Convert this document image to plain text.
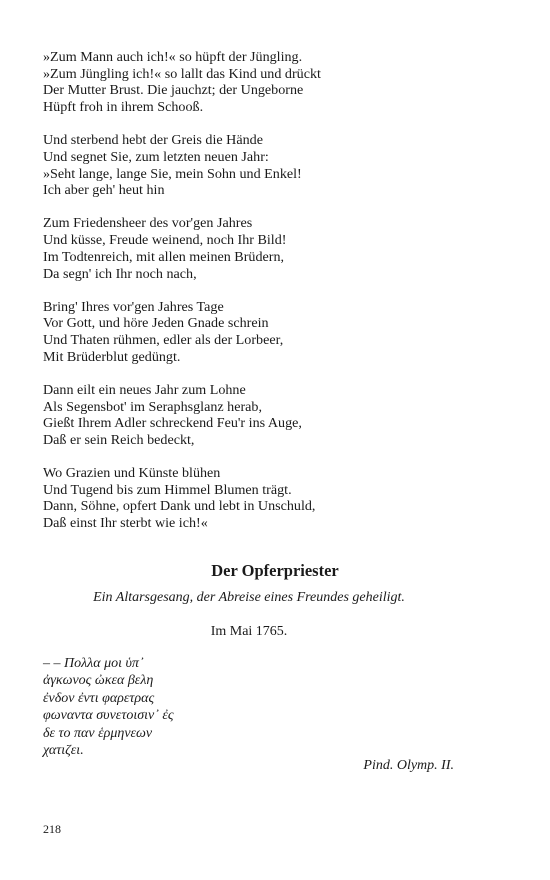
»Zum Mann auch ich!« so hüpft der Jüngling.
»Zum Jüngling ich!« so lallt das Kind und drückt
Der Mutter Brust. Die jauchzt; der Ungeborne
Hüpft froh in ihrem Schooß.
Und sterbend hebt der Greis die Hände
Und segnet Sie, zum letzten neuen Jahr:
»Seht lange, lange Sie, mein Sohn und Enkel!
Ich aber geh' heut hin
Zum Friedensheer des vor'gen Jahres
Und küsse, Freude weinend, noch Ihr Bild!
Im Todtenreich, mit allen meinen Brüdern,
Da segn' ich Ihr noch nach,
Bring' Ihres vor'gen Jahres Tage
Vor Gott, und höre Jeden Gnade schrein
Und Thaten rühmen, edler als der Lorbeer,
Mit Brüderblut gedüngt.
Dann eilt ein neues Jahr zum Lohne
Als Segensbot' im Seraphsglanz herab,
Gießt Ihrem Adler schreckend Feu'r ins Auge,
Daß er sein Reich bedeckt,
Wo Grazien und Künste blühen
Und Tugend bis zum Himmel Blumen trägt.
Dann, Söhne, opfert Dank und lebt in Unschuld,
Daß einst Ihr sterbt wie ich!«
Der Opferpriester
Ein Altarsgesang, der Abreise eines Freundes geheiligt.
Im Mai 1765.
– – Πολλα μοι ὑπ᾽
ἀγκωνος ὠκεα βελη
ἐνδον ἐντι φαρετρας
φωναντα συνετοισιν᾽ ἐς
δε το παν ἑρμηνεων
χατιζει.
Pind. Olymp. II.
218
